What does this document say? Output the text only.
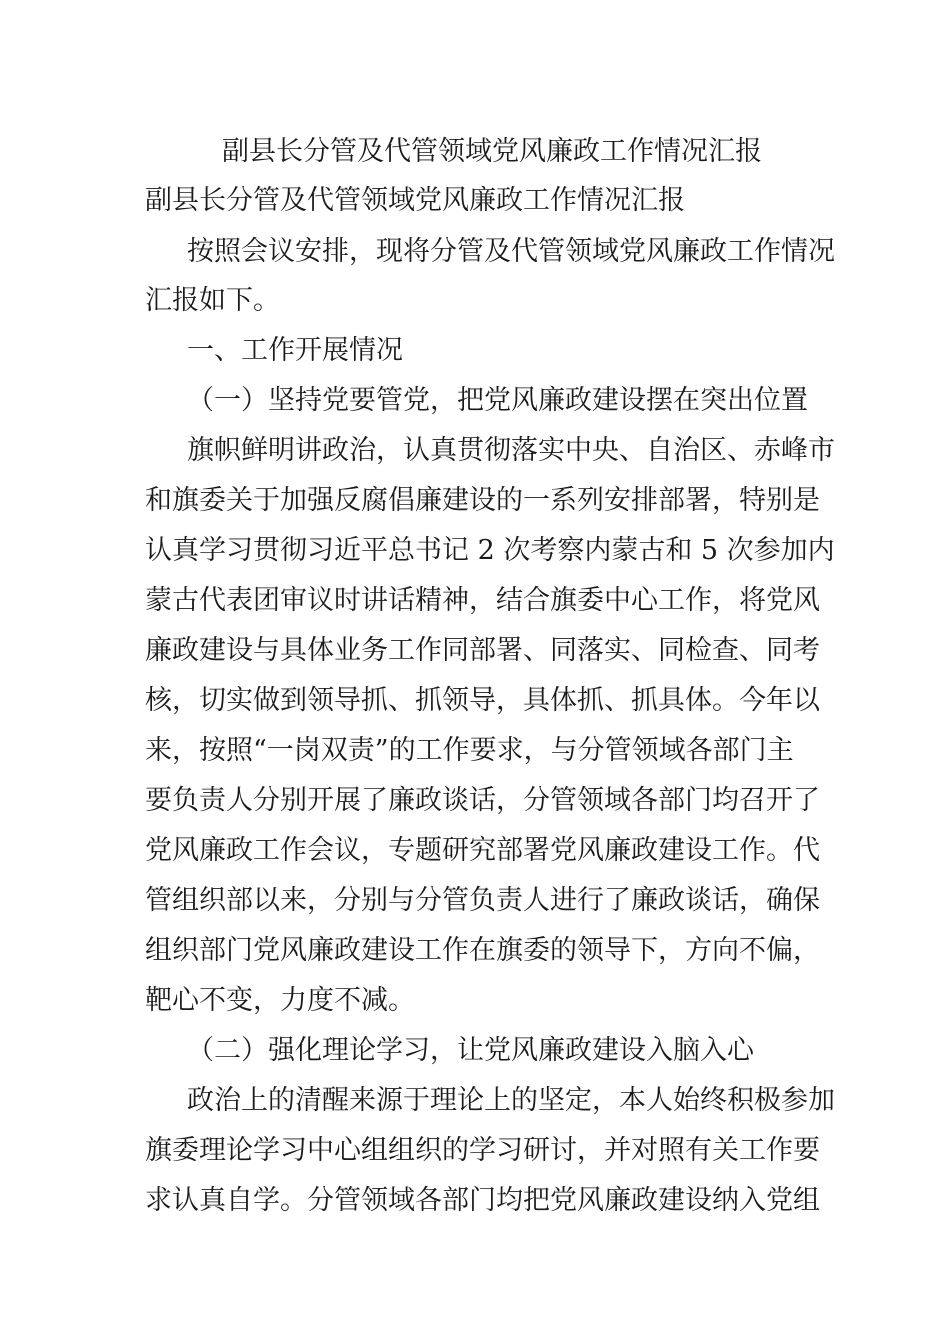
副县长分管及代管领域党风廉政工作情况汇报
副县长分管及代管领域党风廉政工作情况汇报
按照会议安排，现将分管及代管领域党风廉政工作情况
汇报如下。
一、工作开展情况
（一）坚持党要管党，把党风廉政建设摆在突出位置
旗帜鲜明讲政治，认真贯彻落实中央、自治区、赤峰市
和旗委关于加强反腐倡廉建设的一系列安排部署，特别是
认真学习贯彻习近平总书记 2 次考察内蒙古和 5 次参加内
蒙古代表团审议时讲话精神，结合旗委中心工作，将党风
廉政建设与具体业务工作同部署、同落实、同检查、同考
核，切实做到领导抓、抓领导，具体抓、抓具体。今年以
来，按照“一岗双责”的工作要求，与分管领域各部门主
要负责人分别开展了廉政谈话，分管领域各部门均召开了
党风廉政工作会议，专题研究部署党风廉政建设工作。代
管组织部以来，分别与分管负责人进行了廉政谈话，确保
组织部门党风廉政建设工作在旗委的领导下，方向不偏，
靶心不变，力度不减。
（二）强化理论学习，让党风廉政建设入脑入心
政治上的清醒来源于理论上的坚定，本人始终积极参加
旗委理论学习中心组组织的学习研讨，并对照有关工作要
求认真自学。分管领域各部门均把党风廉政建设纳入党组
